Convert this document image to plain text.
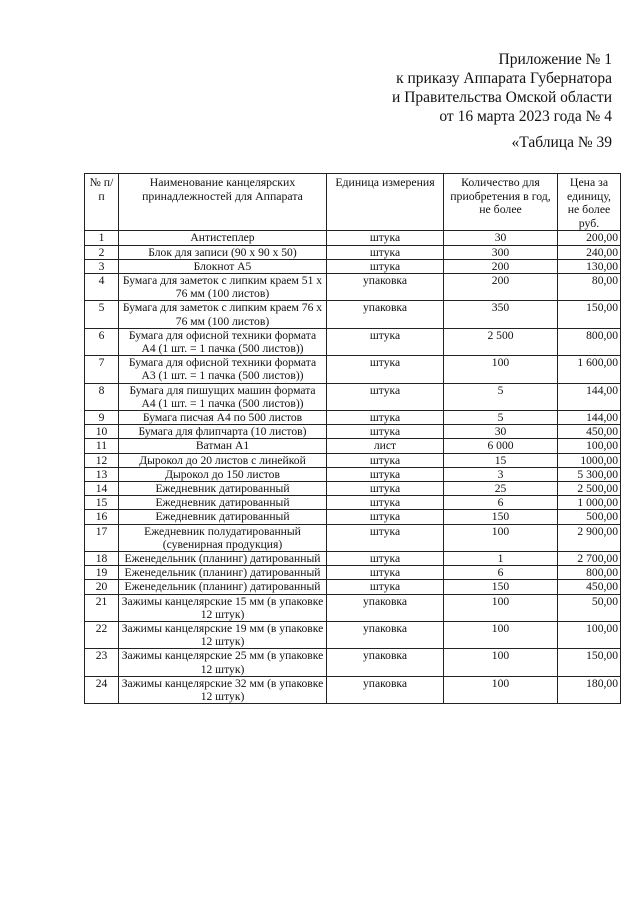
Приложение № 1
к приказу Аппарата Губернатора
и Правительства Омской области
от 16 марта 2023 года № 4
«Таблица № 39
№ п/п	Наименование канцелярских принадлежностей для Аппарата	Единица измерения	Количество для приобретения в год, не более	Цена за единицу, не более руб.
1	Антистеплер	штука	30	200,00
2	Блок для записи (90 х 90 х 50)	штука	300	240,00
3	Блокнот А5	штука	200	130,00
4	Бумага для заметок с липким краем 51 х 76 мм (100 листов)	упаковка	200	80,00
5	Бумага для заметок с липким краем 76 х 76 мм (100 листов)	упаковка	350	150,00
6	Бумага для офисной техники формата А4 (1 шт. = 1 пачка (500 листов))	штука	2 500	800,00
7	Бумага для офисной техники формата А3 (1 шт. = 1 пачка (500 листов))	штука	100	1 600,00
8	Бумага для пишущих машин формата А4 (1 шт. = 1 пачка (500 листов))	штука	5	144,00
9	Бумага писчая А4 по 500 листов	штука	5	144,00
10	Бумага для флипчарта (10 листов)	штука	30	450,00
11	Ватман А1	лист	6 000	100,00
12	Дырокол до 20 листов с линейкой	штука	15	1000,00
13	Дырокол до 150 листов	штука	3	5 300,00
14	Ежедневник датированный	штука	25	2 500,00
15	Ежедневник датированный	штука	6	1 000,00
16	Ежедневник датированный	штука	150	500,00
17	Ежедневник полудатированный (сувенирная продукция)	штука	100	2 900,00
18	Еженедельник (планинг) датированный	штука	1	2 700,00
19	Еженедельник (планинг) датированный	штука	6	800,00
20	Еженедельник (планинг) датированный	штука	150	450,00
21	Зажимы канцелярские 15 мм (в упаковке 12 штук)	упаковка	100	50,00
22	Зажимы канцелярские 19 мм (в упаковке 12 штук)	упаковка	100	100,00
23	Зажимы канцелярские 25 мм (в упаковке 12 штук)	упаковка	100	150,00
24	Зажимы канцелярские 32 мм (в упаковке 12 штук)	упаковка	100	180,00
